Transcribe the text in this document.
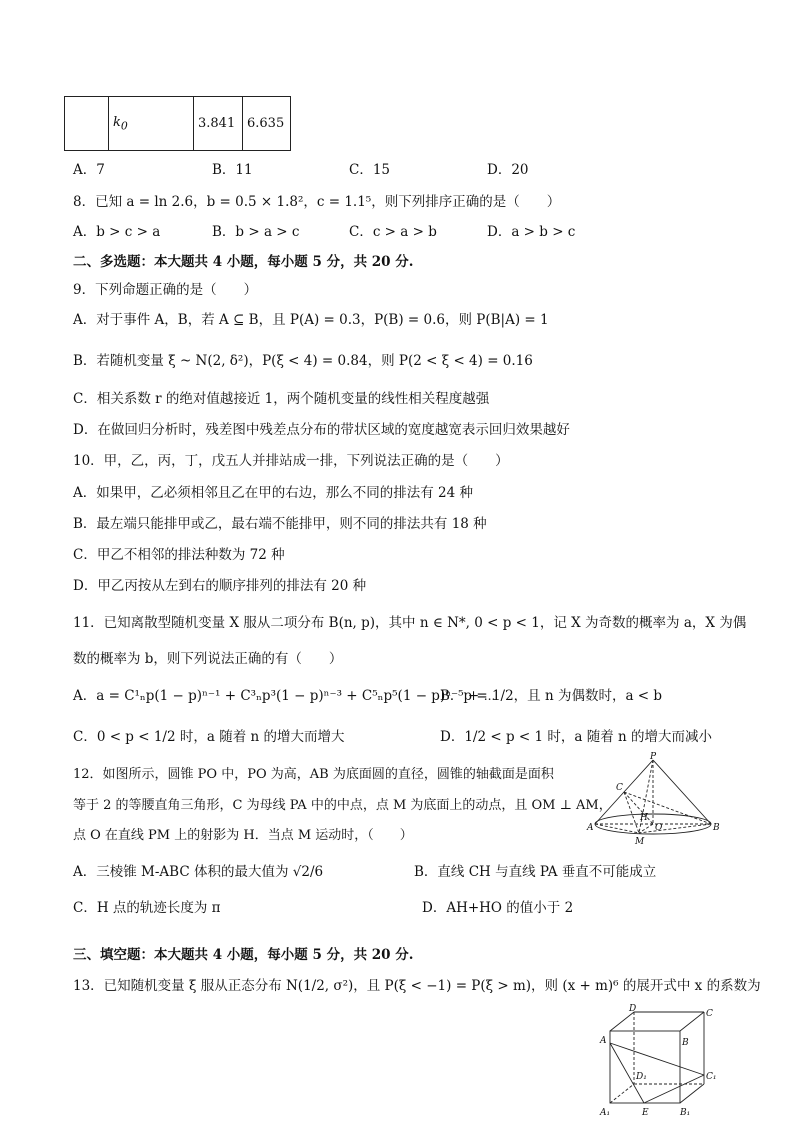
	$k_0$	3.841	6.635
A．7	B．11	C．15	D．20
8．已知 a = ln 2.6，b = 0.5 × 1.8²，c = 1.1⁵，则下列排序正确的是（　　）
A．b > c > a	B．b > a > c	C．c > a > b	D．a > b > c
二、多选题：本大题共 4 小题，每小题 5 分，共 20 分.
9．下列命题正确的是（　　）
A．对于事件 A，B，若 A ⊆ B，且 P(A) = 0.3，P(B) = 0.6，则 P(B|A) = 1
B．若随机变量 ξ ~ N(2, δ²)，P(ξ < 4) = 0.84，则 P(2 < ξ < 4) = 0.16
C．相关系数 r 的绝对值越接近 1，两个随机变量的线性相关程度越强
D．在做回归分析时，残差图中残差点分布的带状区域的宽度越宽表示回归效果越好
10．甲，乙，丙，丁，戊五人并排站成一排，下列说法正确的是（　　）
A．如果甲，乙必须相邻且乙在甲的右边，那么不同的排法有 24 种
B．最左端只能排甲或乙，最右端不能排甲，则不同的排法共有 18 种
C．甲乙不相邻的排法种数为 72 种
D．甲乙丙按从左到右的顺序排列的排法有 20 种
11．已知离散型随机变量 X 服从二项分布 B(n, p)，其中 n ∈ N*, 0 < p < 1，记 X 为奇数的概率为 a，X 为偶
数的概率为 b，则下列说法正确的有（　　）
A．a = C¹ₙp(1 − p)ⁿ⁻¹ + C³ₙp³(1 − p)ⁿ⁻³ + C⁵ₙp⁵(1 − p)ⁿ⁻⁵ + ⋯
B．p = 1/2，且 n 为偶数时，a < b
C．0 < p < 1/2 时，a 随着 n 的增大而增大	D．1/2 < p < 1 时，a 随着 n 的增大而减小
12．如图所示，圆锥 PO 中，PO 为高，AB 为底面圆的直径，圆锥的轴截面是面积
等于 2 的等腰直角三角形，C 为母线 PA 中的中点，点 M 为底面上的动点，且 OM ⊥ AM，
点 O 在直线 PM 上的射影为 H．当点 M 运动时，（　　）
A．三棱锥 M-ABC 体积的最大值为 √2/6	B．直线 CH 与直线 PA 垂直不可能成立
C．H 点的轨迹长度为 π	D．AH+HO 的值小于 2
P
C
A
H
O	B
M
三、填空题：本大题共 4 小题，每小题 5 分，共 20 分.
13．已知随机变量 ξ 服从正态分布 N(1/2, σ²)，且 P(ξ < −1) = P(ξ > m)，则 (x + m)⁶ 的展开式中 x 的系数为
D	C
A	B
D₁	C₁
A₁	E	B₁
